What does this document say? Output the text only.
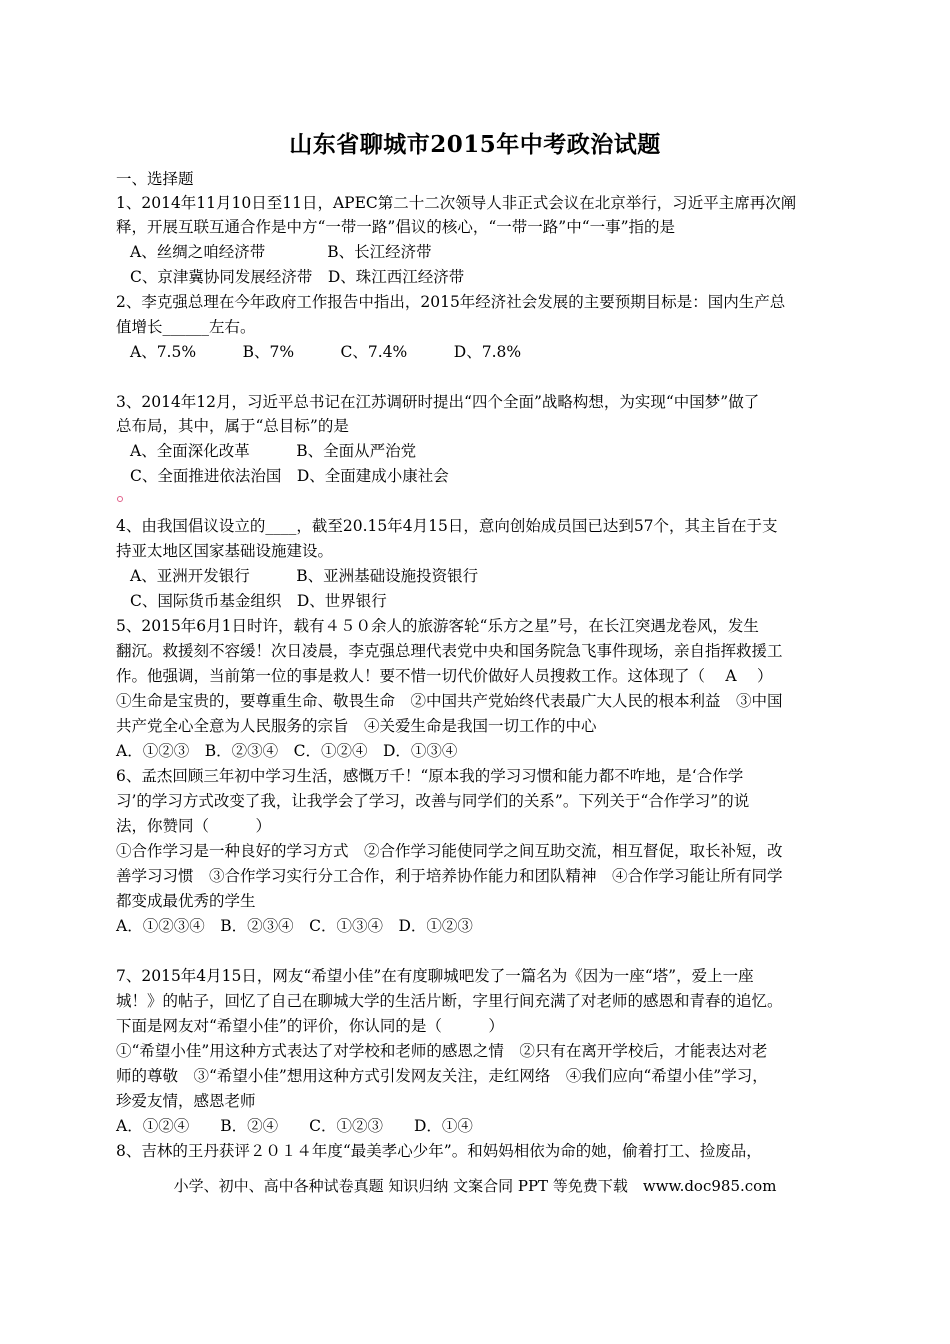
山东省聊城市2015年中考政治试题
一、选择题
1、2014年11月10日至11日，APEC第二十二次领导人非正式会议在北京举行，习近平主席再次阐
释，开展互联互通合作是中方“一带一路”倡议的核心，“一带一路”中“一事”指的是
A、丝绸之咱经济带　　　　B、长江经济带
C、京津冀协同发展经济带　D、珠江西江经济带
2、李克强总理在今年政府工作报告中指出，2015年经济社会发展的主要预期目标是：国内生产总
值增长______左右。
A、7.5%　　　B、7%　　　C、7.4%　　　D、7.8%
3、2014年12月，习近平总书记在江苏调研时提出“四个全面”战略构想，为实现“中国梦”做了
总布局，其中，属于“总目标”的是
A、全面深化改革　　　B、全面从严治党
C、全面推进依法治国　D、全面建成小康社会
4、由我国倡议设立的____，截至20.15年4月15日，意向创始成员国已达到57个，其主旨在于支
持亚太地区国家基础设施建设。
A、亚洲开发银行　　　B、亚洲基础设施投资银行
C、国际货币基金组织　D、世界银行
5、2015年6月1日时许，载有４５０余人的旅游客轮“乐方之星”号，在长江突遇龙卷风，发生
翻沉。救援刻不容缓！次日凌晨，李克强总理代表党中央和国务院急飞事件现场，亲自指挥救援工
作。他强调，当前第一位的事是救人！要不惜一切代价做好人员搜救工作。这体现了（　 A　 ）
①生命是宝贵的，要尊重生命、敬畏生命　②中国共产党始终代表最广大人民的根本利益　③中国
共产党全心全意为人民服务的宗旨　④关爱生命是我国一切工作的中心
A．①②③　B．②③④　C．①②④　D．①③④
6、孟杰回顾三年初中学习生活，感慨万千！“原本我的学习习惯和能力都不咋地，是‘合作学
习’的学习方式改变了我，让我学会了学习，改善与同学们的关系”。下列关于“合作学习”的说
法，你赞同（　　　）
①合作学习是一种良好的学习方式　②合作学习能使同学之间互助交流，相互督促，取长补短，改
善学习习惯　③合作学习实行分工合作，利于培养协作能力和团队精神　④合作学习能让所有同学
都变成最优秀的学生
A．①②③④　B．②③④　C．①③④　D．①②③
7、2015年4月15日，网友“希望小佳”在有度聊城吧发了一篇名为《因为一座“塔”，爱上一座
城！》的帖子，回忆了自己在聊城大学的生活片断，字里行间充满了对老师的感恩和青春的追忆。
下面是网友对“希望小佳”的评价，你认同的是（　　　）
①“希望小佳”用这种方式表达了对学校和老师的感恩之情　②只有在离开学校后，才能表达对老
师的尊敬　③“希望小佳”想用这种方式引发网友关注，走红网络　④我们应向“希望小佳”学习，
珍爱友情，感恩老师
A．①②④　　B．②④　　C．①②③　　D．①④
8、吉林的王丹获评２０１４年度“最美孝心少年”。和妈妈相依为命的她，偷着打工、捡废品，
小学、初中、高中各种试卷真题 知识归纳 文案合同 PPT 等免费下载　www.doc985.com
